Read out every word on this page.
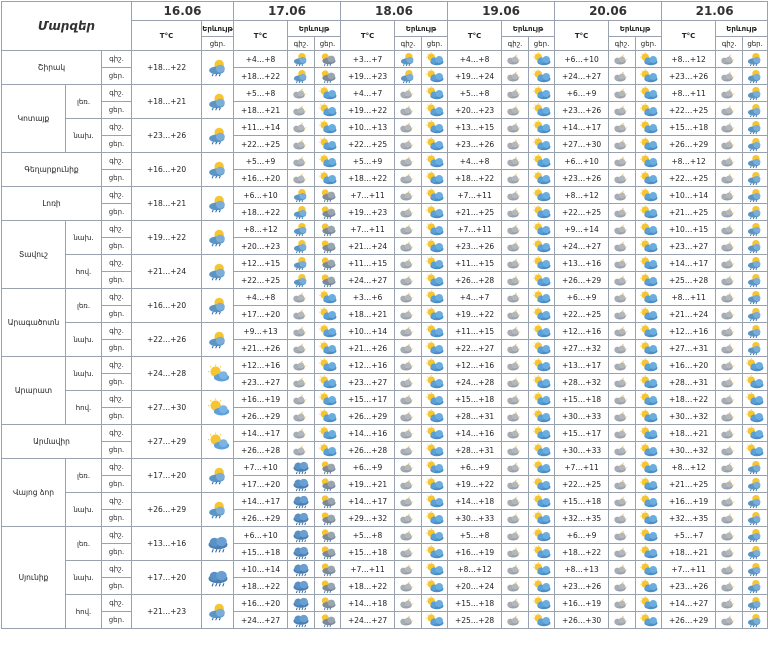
Մարզեր			16.06		17.06			18.06			19.06			20.06			21.06		
			T°C	Երևույթ	T°C	Երևույթ		T°C	Երևույթ		T°C	Երևույթ		T°C	Երևույթ		T°C	Երևույթ	
				ցեր.		գիշ.	ցեր.		գիշ.	ցեր.		գիշ.	ցեր.		գիշ.	ցեր.		գիշ.	ցեր.
Շիրակ		գիշ.	+18…+22		+4…+8			+3…+7			+4…+8			+6…+10			+8…+12	

		ցեր.			+18…+22			+19…+23			+19…+24			+24…+27			+23…+26	

Կոտայք	լեռ.	գիշ.	+18…+21		+5…+8			+4…+7			+5…+8			+6…+9			+8…+11	

		ցեր.			+18…+21			+19…+22			+20…+23			+23…+26			+22…+25	

	նախ.	գիշ.	+23…+26		+11…+14			+10…+13			+13…+15			+14…+17			+15…+18	

		ցեր.			+22…+25			+22…+25			+23…+26			+27…+30			+26…+29	

Գեղարքունիք		գիշ.	+16…+20		+5…+9			+5…+9			+4…+8			+6…+10			+8…+12	

		ցեր.			+16…+20			+18…+22			+18…+22			+23…+26			+22…+25	

Լոռի		գիշ.	+18…+21		+6…+10			+7…+11			+7…+11			+8…+12			+10…+14	

		ցեր.			+18…+22			+19…+23			+21…+25			+22…+25			+21…+25	

Տավուշ	նախ.	գիշ.	+19…+22		+8…+12			+7…+11			+7…+11			+9…+14			+10…+15	

		ցեր.			+20…+23			+21…+24			+23…+26			+24…+27			+23…+27	

	հով.	գիշ.	+21…+24		+12…+15			+11…+15			+11…+15			+13…+16			+14…+17	

		ցեր.			+22…+25			+24…+27			+26…+28			+26…+29			+25…+28	

Արագածոտն	լեռ.	գիշ.	+16…+20		+4…+8			+3…+6			+4…+7			+6…+9			+8…+11	

		ցեր.			+17…+20			+18…+21			+19…+22			+22…+25			+21…+24	

	նախ.	գիշ.	+22…+26		+9…+13			+10…+14			+11…+15			+12…+16			+12…+16	

		ցեր.			+21…+26			+21…+26			+22…+27			+27…+32			+27…+31	

Արարատ	նախ.	գիշ.	+24…+28		+12…+16			+12…+16			+12…+16			+13…+17			+16…+20	

		ցեր.			+23…+27			+23…+27			+24…+28			+28…+32			+28…+31	

	հով.	գիշ.	+27…+30		+16…+19			+15…+17			+15…+18			+15…+18			+18…+22	

		ցեր.			+26…+29			+26…+29			+28…+31			+30…+33			+30…+32	

Արմավիր		գիշ.	+27…+29		+14…+17			+14…+16			+14…+16			+15…+17			+18…+21	

		ցեր.			+26…+28			+26…+28			+28…+31			+30…+33			+30…+32	

Վայոց ձոր	լեռ.	գիշ.	+17…+20		+7…+10			+6…+9			+6…+9			+7…+11			+8…+12	

		ցեր.			+17…+20			+19…+21			+19…+22			+22…+25			+21…+25	

	նախ.	գիշ.	+26…+29		+14…+17			+14…+17			+14…+18			+15…+18			+16…+19	

		ցեր.			+26…+29			+29…+32			+30…+33			+32…+35			+32…+35	

Սյունիք	լեռ.	գիշ.	+13…+16		+6…+10			+5…+8			+5…+8			+6…+9			+5…+7	

		ցեր.			+15…+18			+15…+18			+16…+19			+18…+22			+18…+21	

	նախ.	գիշ.	+17…+20		+10…+14			+7…+11			+8…+12			+8…+13			+7…+11	

		ցեր.			+18…+22			+18…+22			+20…+24			+23…+26			+23…+26	

	հով.	գիշ.	+21…+23		+16…+20			+14…+18			+15…+18			+16…+19			+14…+27	

		ցեր.			+24…+27			+24…+27			+25…+28			+26…+30			+26…+29	
